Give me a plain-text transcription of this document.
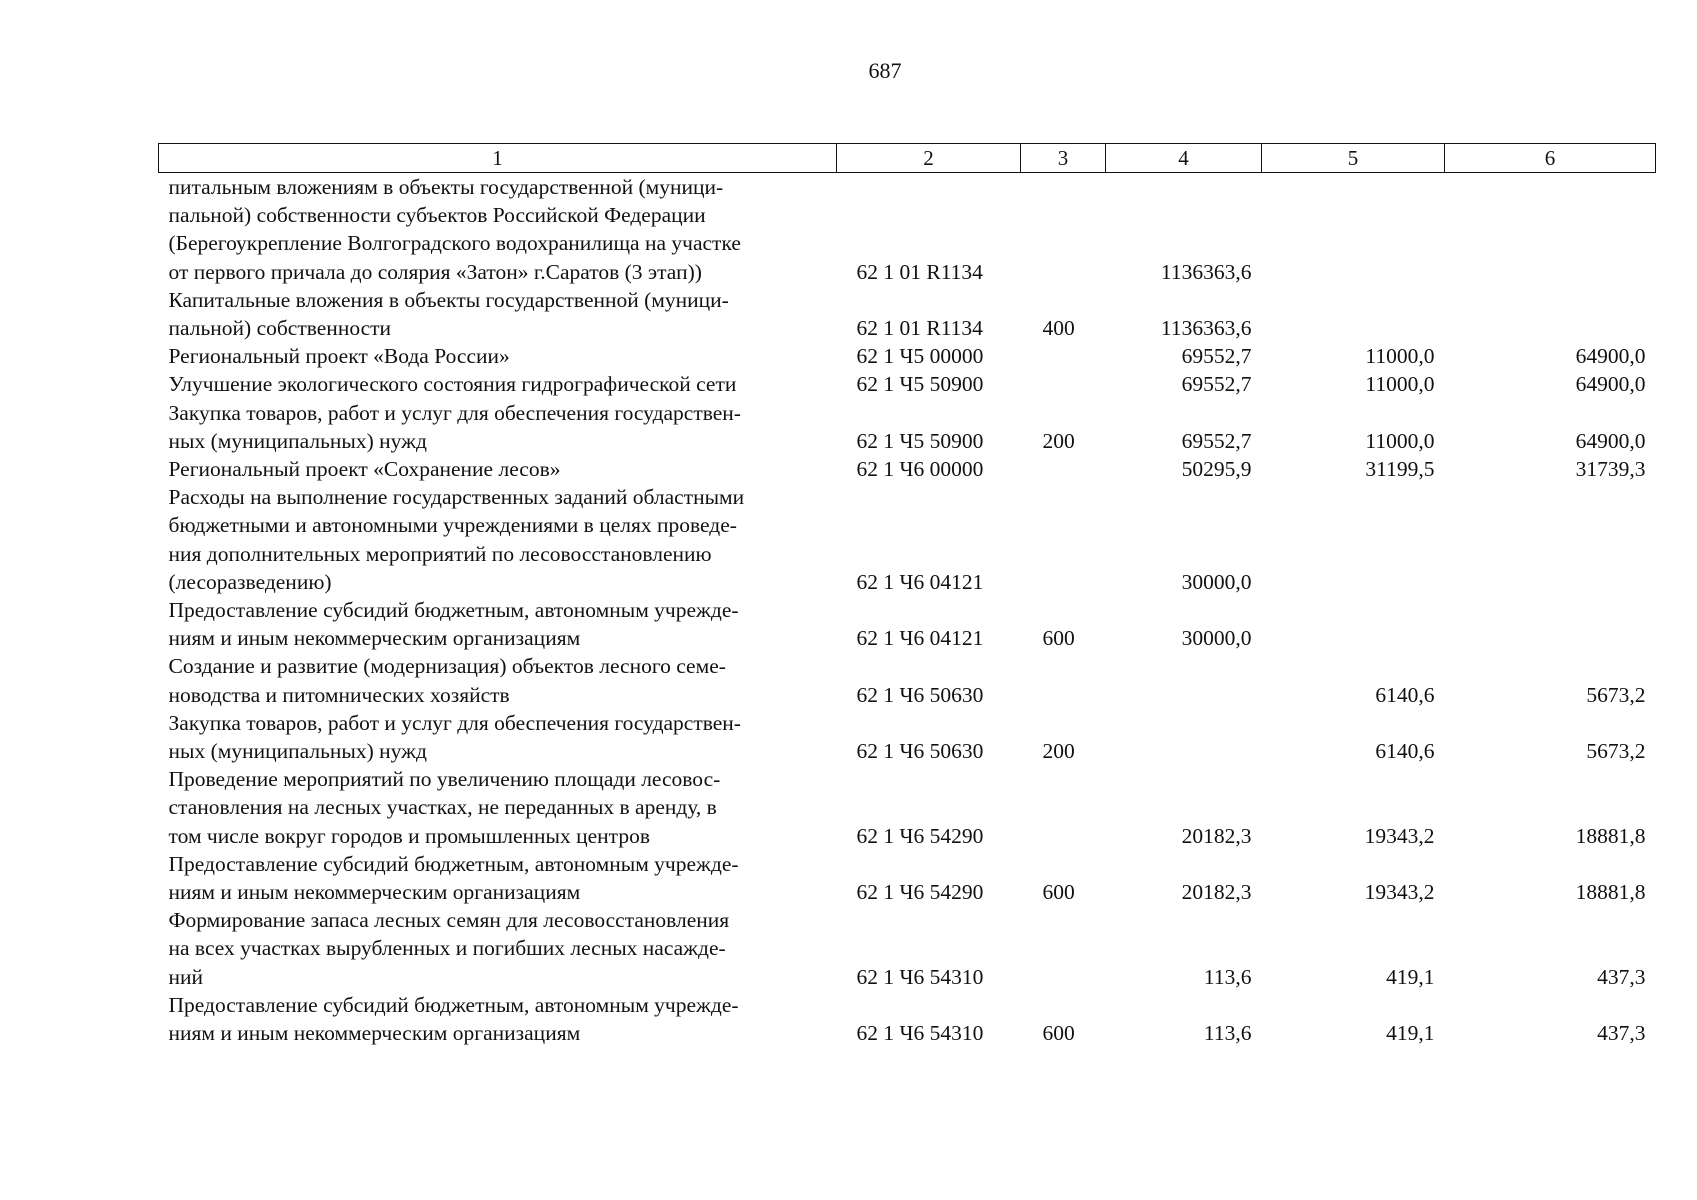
687
1	2	3	4	5	6
питальным вложениям в объекты государственной (муници-
пальной) собственности субъектов Российской Федерации
(Берегоукрепление Волгоградского водохранилища на участке
от первого причала до солярия «Затон» г.Саратов (3 этап))	62 1 01 R1134		1136363,6		
Капитальные вложения в объекты государственной (муници-
пальной) собственности	62 1 01 R1134	400	1136363,6		
Региональный проект «Вода России»	62 1 Ч5 00000		69552,7	11000,0	64900,0
Улучшение экологического состояния гидрографической сети	62 1 Ч5 50900		69552,7	11000,0	64900,0
Закупка товаров, работ и услуг для обеспечения государствен-
ных (муниципальных) нужд	62 1 Ч5 50900	200	69552,7	11000,0	64900,0
Региональный проект «Сохранение лесов»	62 1 Ч6 00000		50295,9	31199,5	31739,3
Расходы на выполнение государственных заданий областными
бюджетными и автономными учреждениями в целях проведе-
ния дополнительных мероприятий по лесовосстановлению
(лесоразведению)	62 1 Ч6 04121		30000,0		
Предоставление субсидий бюджетным, автономным учрежде-
ниям и иным некоммерческим организациям	62 1 Ч6 04121	600	30000,0		
Создание и развитие (модернизация) объектов лесного семе-
новодства и питомнических хозяйств	62 1 Ч6 50630			6140,6	5673,2
Закупка товаров, работ и услуг для обеспечения государствен-
ных (муниципальных) нужд	62 1 Ч6 50630	200		6140,6	5673,2
Проведение мероприятий по увеличению площади лесовос-
становления на лесных участках, не переданных в аренду, в
том числе вокруг городов и промышленных центров	62 1 Ч6 54290		20182,3	19343,2	18881,8
Предоставление субсидий бюджетным, автономным учрежде-
ниям и иным некоммерческим организациям	62 1 Ч6 54290	600	20182,3	19343,2	18881,8
Формирование запаса лесных семян для лесовосстановления
на всех участках вырубленных и погибших лесных насажде-
ний	62 1 Ч6 54310		113,6	419,1	437,3
Предоставление субсидий бюджетным, автономным учрежде-
ниям и иным некоммерческим организациям	62 1 Ч6 54310	600	113,6	419,1	437,3
